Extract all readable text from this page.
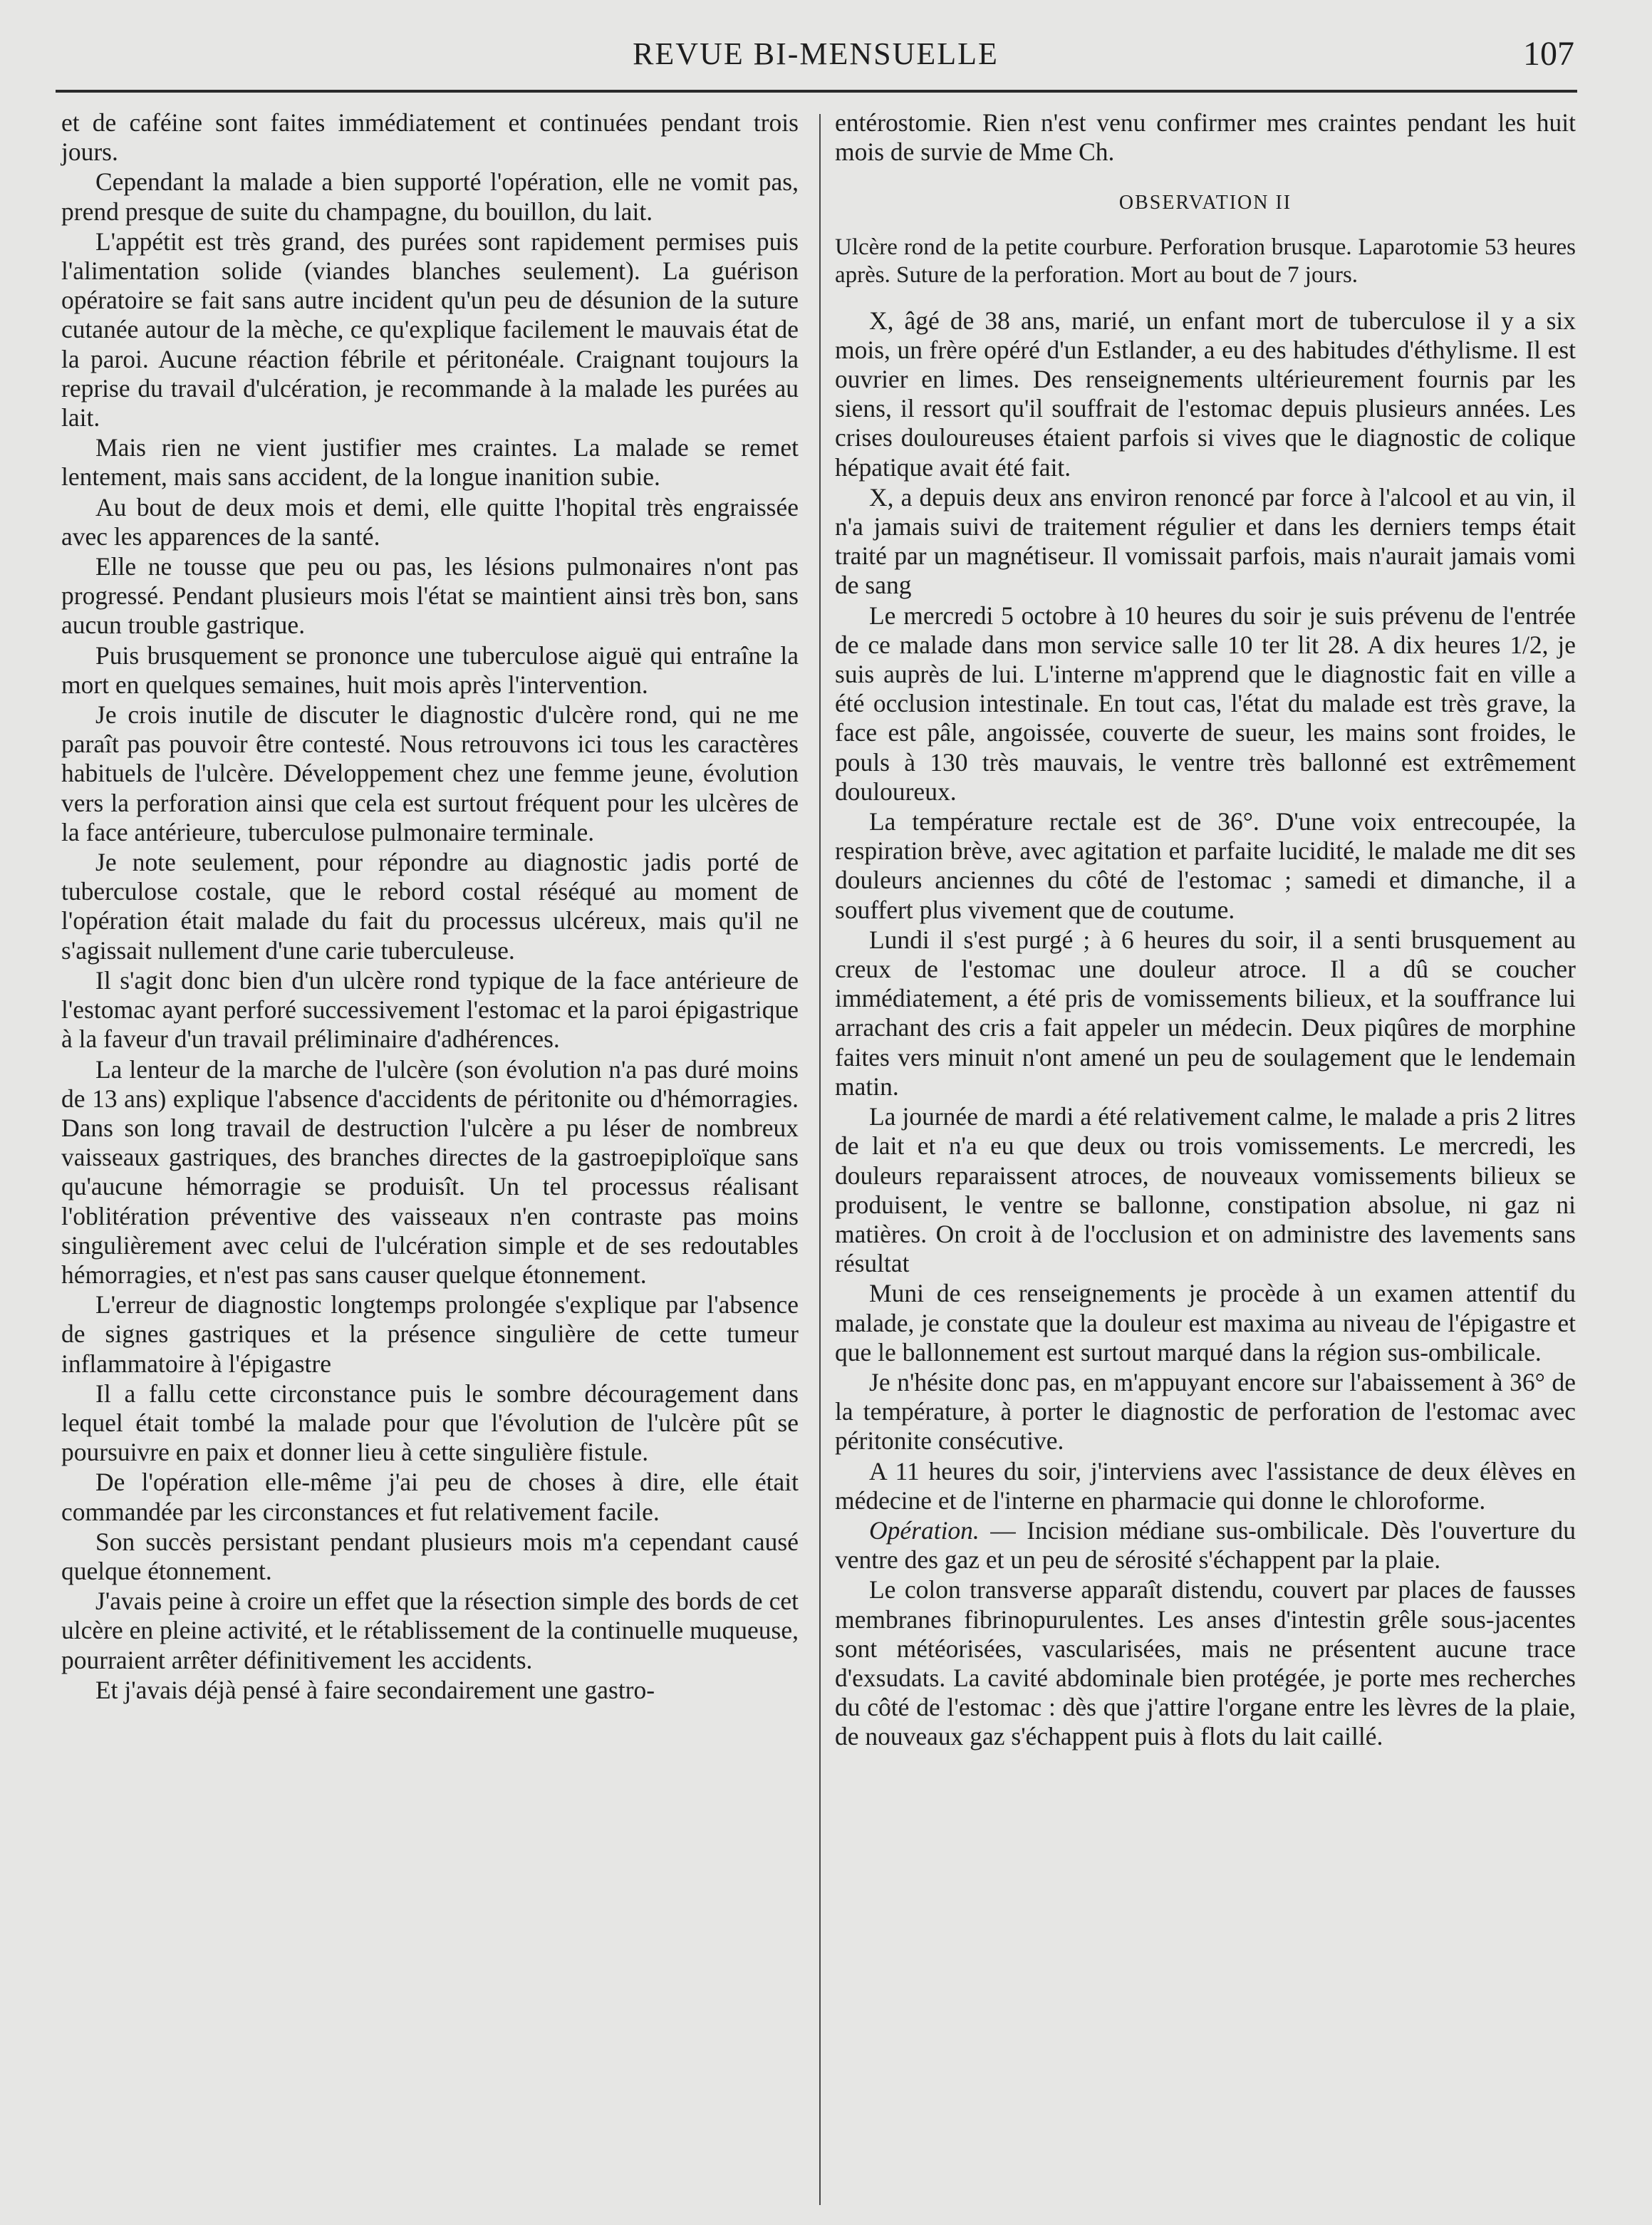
REVUE BI-MENSUELLE	107

et de caféine sont faites immédiatement et continuées pendant trois jours.

Cependant la malade a bien supporté l'opération, elle ne vomit pas, prend presque de suite du champagne, du bouillon, du lait.

L'appétit est très grand, des purées sont rapidement permises puis l'alimentation solide (viandes blanches seulement). La guérison opératoire se fait sans autre incident qu'un peu de désunion de la suture cutanée autour de la mèche, ce qu'explique facilement le mauvais état de la paroi. Aucune réaction fébrile et péritonéale. Craignant toujours la reprise du travail d'ulcération, je recommande à la malade les purées au lait.

Mais rien ne vient justifier mes craintes. La malade se remet lentement, mais sans accident, de la longue inanition subie.

Au bout de deux mois et demi, elle quitte l'hopital très engraissée avec les apparences de la santé.

Elle ne tousse que peu ou pas, les lésions pulmonaires n'ont pas progressé. Pendant plusieurs mois l'état se maintient ainsi très bon, sans aucun trouble gastrique.

Puis brusquement se prononce une tuberculose aiguë qui entraîne la mort en quelques semaines, huit mois après l'intervention.

Je crois inutile de discuter le diagnostic d'ulcère rond, qui ne me paraît pas pouvoir être contesté. Nous retrouvons ici tous les caractères habituels de l'ulcère. Développement chez une femme jeune, évolution vers la perforation ainsi que cela est surtout fréquent pour les ulcères de la face antérieure, tuberculose pulmonaire terminale.

Je note seulement, pour répondre au diagnostic jadis porté de tuberculose costale, que le rebord costal réséqué au moment de l'opération était malade du fait du processus ulcéreux, mais qu'il ne s'agissait nullement d'une carie tuberculeuse.

Il s'agit donc bien d'un ulcère rond typique de la face antérieure de l'estomac ayant perforé successivement l'estomac et la paroi épigastrique à la faveur d'un travail préliminaire d'adhérences.

La lenteur de la marche de l'ulcère (son évolution n'a pas duré moins de 13 ans) explique l'absence d'accidents de péritonite ou d'hémorragies. Dans son long travail de destruction l'ulcère a pu léser de nombreux vaisseaux gastriques, des branches directes de la gastroepiploïque sans qu'aucune hémorragie se produisît. Un tel processus réalisant l'oblitération préventive des vaisseaux n'en contraste pas moins singulièrement avec celui de l'ulcération simple et de ses redoutables hémorragies, et n'est pas sans causer quelque étonnement.

L'erreur de diagnostic longtemps prolongée s'explique par l'absence de signes gastriques et la présence singulière de cette tumeur inflammatoire à l'épigastre

Il a fallu cette circonstance puis le sombre découragement dans lequel était tombé la malade pour que l'évolution de l'ulcère pût se poursuivre en paix et donner lieu à cette singulière fistule.

De l'opération elle-même j'ai peu de choses à dire, elle était commandée par les circonstances et fut relativement facile.

Son succès persistant pendant plusieurs mois m'a cependant causé quelque étonnement.

J'avais peine à croire un effet que la résection simple des bords de cet ulcère en pleine activité, et le rétablissement de la continuelle muqueuse, pourraient arrêter définitivement les accidents.

Et j'avais déjà pensé à faire secondairement une gastro-

entérostomie. Rien n'est venu confirmer mes craintes pendant les huit mois de survie de Mme Ch.

OBSERVATION II

Ulcère rond de la petite courbure. Perforation brusque. Laparotomie 53 heures après. Suture de la perforation. Mort au bout de 7 jours.

X, âgé de 38 ans, marié, un enfant mort de tuberculose il y a six mois, un frère opéré d'un Estlander, a eu des habitudes d'éthylisme. Il est ouvrier en limes. Des renseignements ultérieurement fournis par les siens, il ressort qu'il souffrait de l'estomac depuis plusieurs années. Les crises douloureuses étaient parfois si vives que le diagnostic de colique hépatique avait été fait.

X, a depuis deux ans environ renoncé par force à l'alcool et au vin, il n'a jamais suivi de traitement régulier et dans les derniers temps était traité par un magnétiseur. Il vomissait parfois, mais n'aurait jamais vomi de sang

Le mercredi 5 octobre à 10 heures du soir je suis prévenu de l'entrée de ce malade dans mon service salle 10 ter lit 28. A dix heures 1/2, je suis auprès de lui. L'interne m'apprend que le diagnostic fait en ville a été occlusion intestinale. En tout cas, l'état du malade est très grave, la face est pâle, angoissée, couverte de sueur, les mains sont froides, le pouls à 130 très mauvais, le ventre très ballonné est extrêmement douloureux.

La température rectale est de 36°. D'une voix entrecoupée, la respiration brève, avec agitation et parfaite lucidité, le malade me dit ses douleurs anciennes du côté de l'estomac ; samedi et dimanche, il a souffert plus vivement que de coutume.

Lundi il s'est purgé ; à 6 heures du soir, il a senti brusquement au creux de l'estomac une douleur atroce. Il a dû se coucher immédiatement, a été pris de vomissements bilieux, et la souffrance lui arrachant des cris a fait appeler un médecin. Deux piqûres de morphine faites vers minuit n'ont amené un peu de soulagement que le lendemain matin.

La journée de mardi a été relativement calme, le malade a pris 2 litres de lait et n'a eu que deux ou trois vomissements. Le mercredi, les douleurs reparaissent atroces, de nouveaux vomissements bilieux se produisent, le ventre se ballonne, constipation absolue, ni gaz ni matières. On croit à de l'occlusion et on administre des lavements sans résultat

Muni de ces renseignements je procède à un examen attentif du malade, je constate que la douleur est maxima au niveau de l'épigastre et que le ballonnement est surtout marqué dans la région sus-ombilicale.

Je n'hésite donc pas, en m'appuyant encore sur l'abaissement à 36° de la température, à porter le diagnostic de perforation de l'estomac avec péritonite consécutive.

A 11 heures du soir, j'interviens avec l'assistance de deux élèves en médecine et de l'interne en pharmacie qui donne le chloroforme.

Opération. — Incision médiane sus-ombilicale. Dès l'ouverture du ventre des gaz et un peu de sérosité s'échappent par la plaie.

Le colon transverse apparaît distendu, couvert par places de fausses membranes fibrinopurulentes. Les anses d'intestin grêle sous-jacentes sont météorisées, vascularisées, mais ne présentent aucune trace d'exsudats. La cavité abdominale bien protégée, je porte mes recherches du côté de l'estomac : dès que j'attire l'organe entre les lèvres de la plaie, de nouveaux gaz s'échappent puis à flots du lait caillé.
